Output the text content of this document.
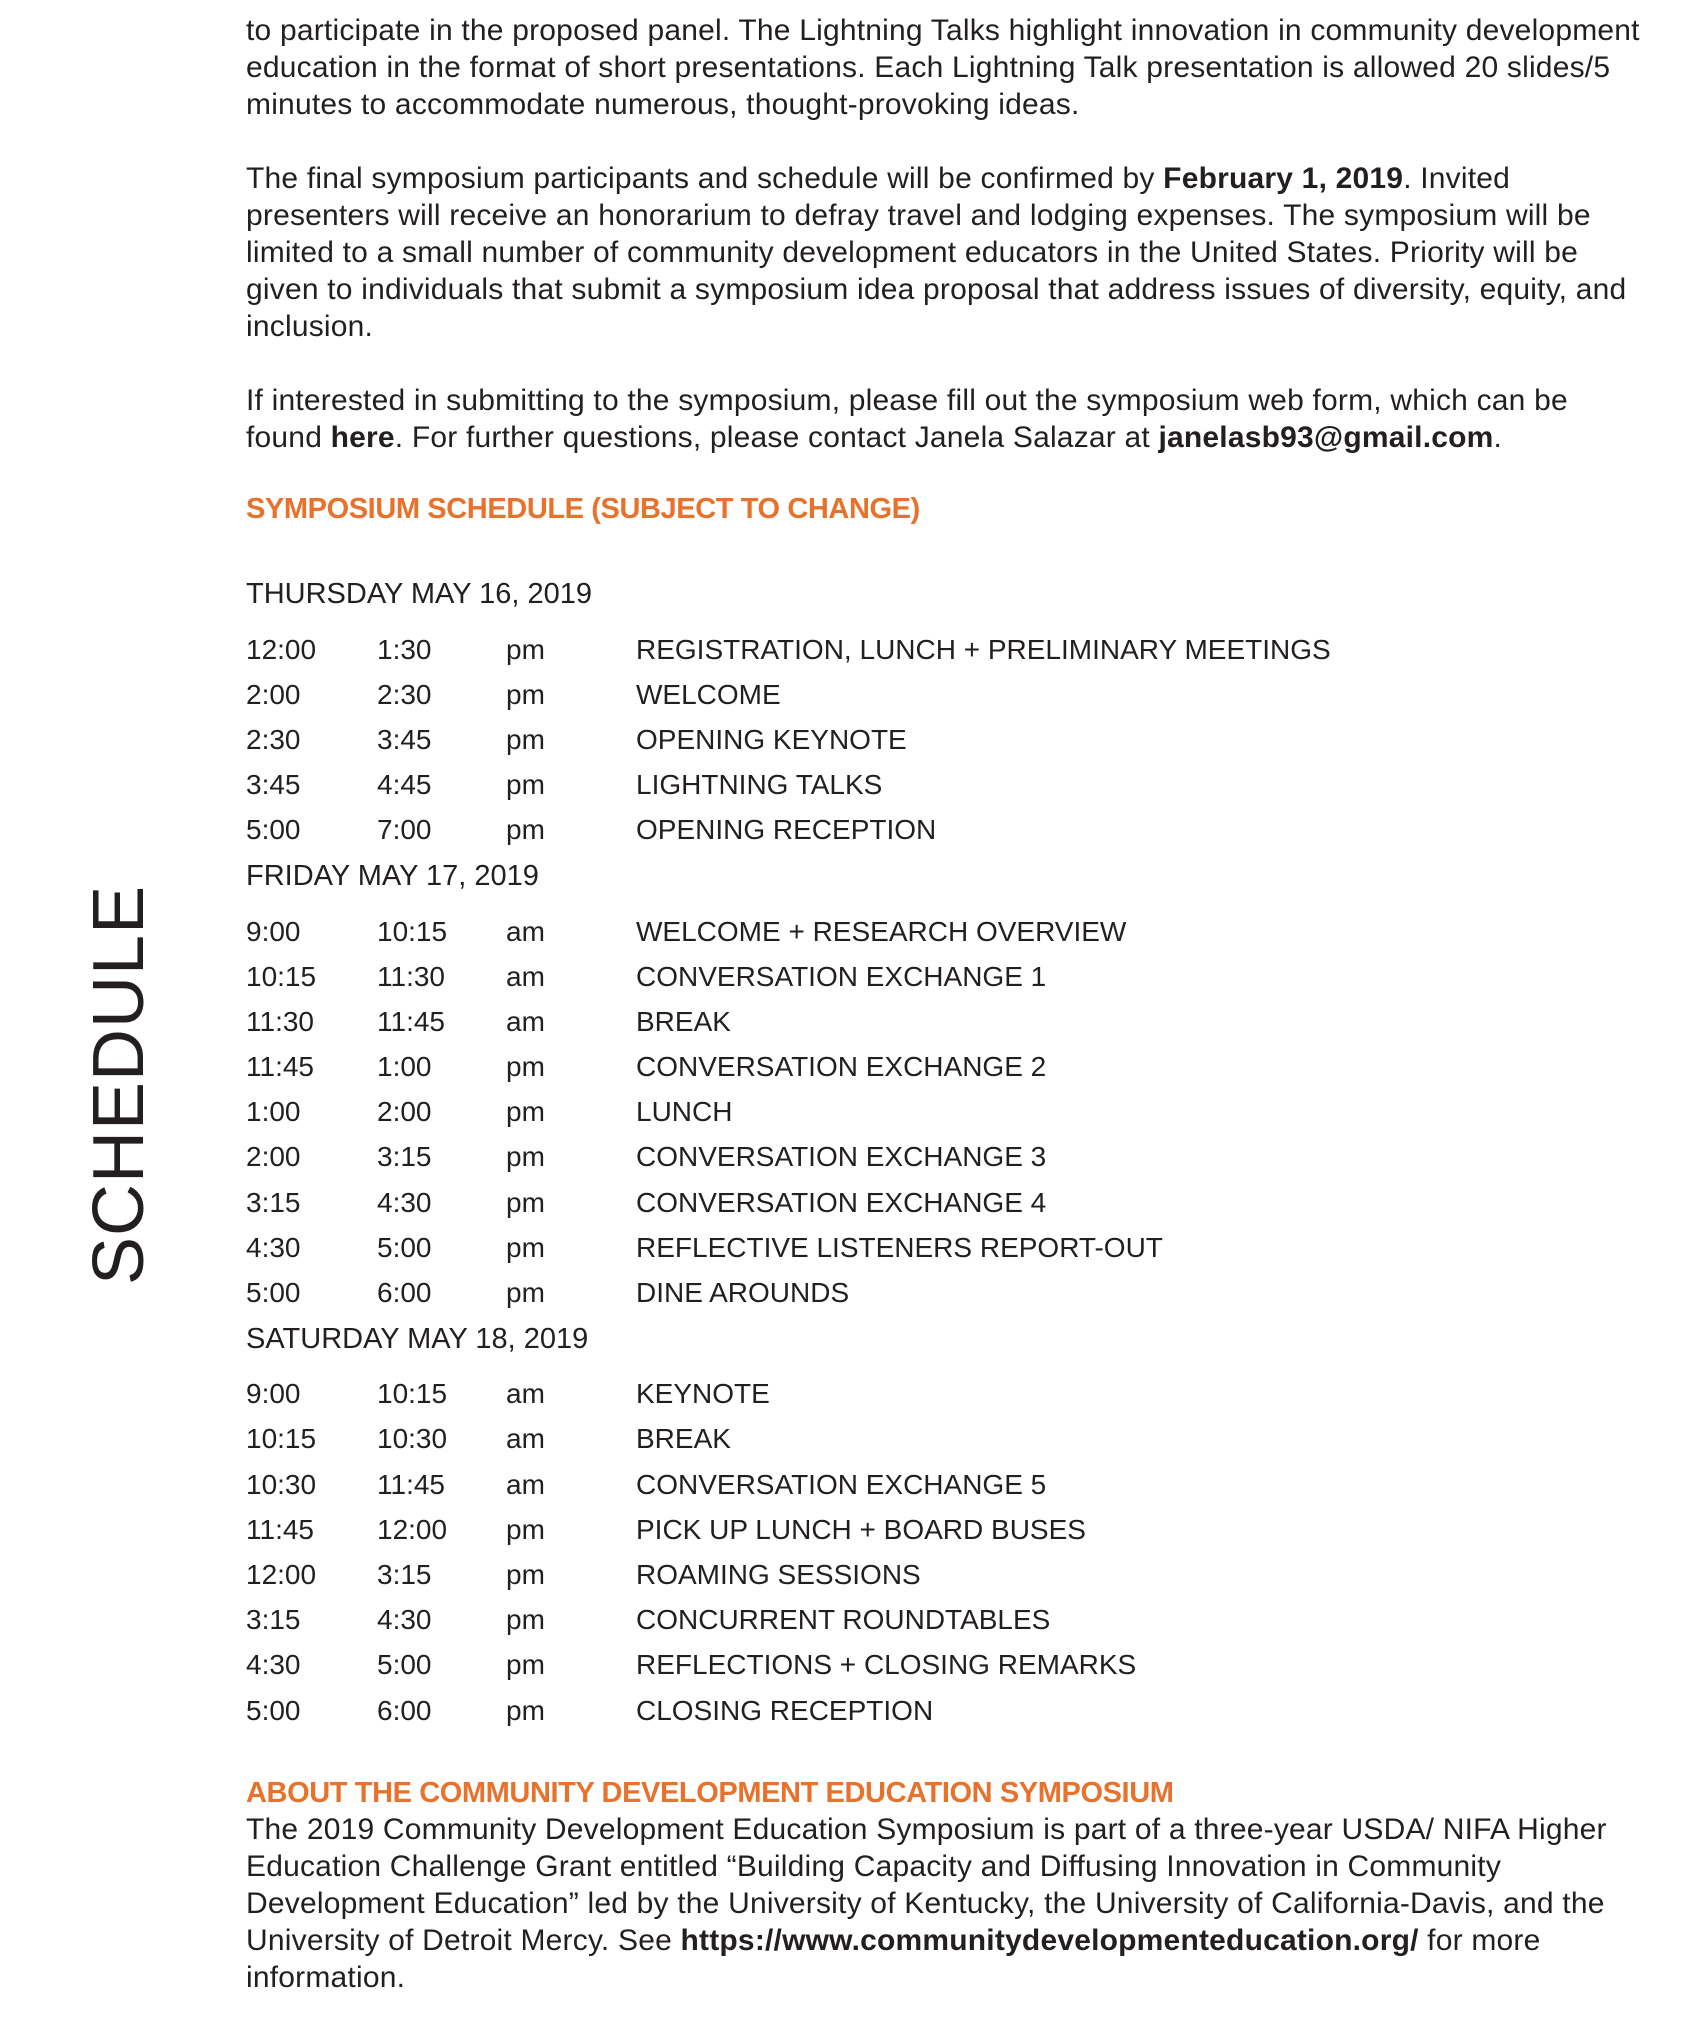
SCHEDULE

to participate in the proposed panel. The Lightning Talks highlight innovation in community development education in the format of short presentations. Each Lightning Talk presentation is allowed 20 slides/5 minutes to accommodate numerous, thought-provoking ideas.

The final symposium participants and schedule will be confirmed by February 1, 2019. Invited presenters will receive an honorarium to defray travel and lodging expenses. The symposium will be limited to a small number of community development educators in the United States. Priority will be given to individuals that submit a symposium idea proposal that address issues of diversity, equity, and inclusion.

If interested in submitting to the symposium, please fill out the symposium web form, which can be found here. For further questions, please contact Janela Salazar at janelasb93@gmail.com.

SYMPOSIUM SCHEDULE (SUBJECT TO CHANGE)
THURSDAY MAY 16, 2019
12:00	1:30	pm	REGISTRATION, LUNCH + PRELIMINARY MEETINGS
2:00	2:30	pm	WELCOME
2:30	3:45	pm	OPENING KEYNOTE
3:45	4:45	pm	LIGHTNING TALKS
5:00	7:00	pm	OPENING RECEPTION
FRIDAY MAY 17, 2019
9:00	10:15	am	WELCOME + RESEARCH OVERVIEW
10:15	11:30	am	CONVERSATION EXCHANGE 1
11:30	11:45	am	BREAK
11:45	1:00	pm	CONVERSATION EXCHANGE 2
1:00	2:00	pm	LUNCH
2:00	3:15	pm	CONVERSATION EXCHANGE 3
3:15	4:30	pm	CONVERSATION EXCHANGE 4
4:30	5:00	pm	REFLECTIVE LISTENERS REPORT-OUT
5:00	6:00	pm	DINE AROUNDS
SATURDAY MAY 18, 2019
9:00	10:15	am	KEYNOTE
10:15	10:30	am	BREAK
10:30	11:45	am	CONVERSATION EXCHANGE 5
11:45	12:00	pm	PICK UP LUNCH + BOARD BUSES
12:00	3:15	pm	ROAMING SESSIONS
3:15	4:30	pm	CONCURRENT ROUNDTABLES
4:30	5:00	pm	REFLECTIONS + CLOSING REMARKS
5:00	6:00	pm	CLOSING RECEPTION
ABOUT THE COMMUNITY DEVELOPMENT EDUCATION SYMPOSIUM

The 2019 Community Development Education Symposium is part of a three-year USDA/ NIFA Higher Education Challenge Grant entitled “Building Capacity and Diffusing Innovation in Community Development Education” led by the University of Kentucky, the University of California-Davis, and the University of Detroit Mercy. See https://www.communitydevelopmenteducation.org/ for more information.
